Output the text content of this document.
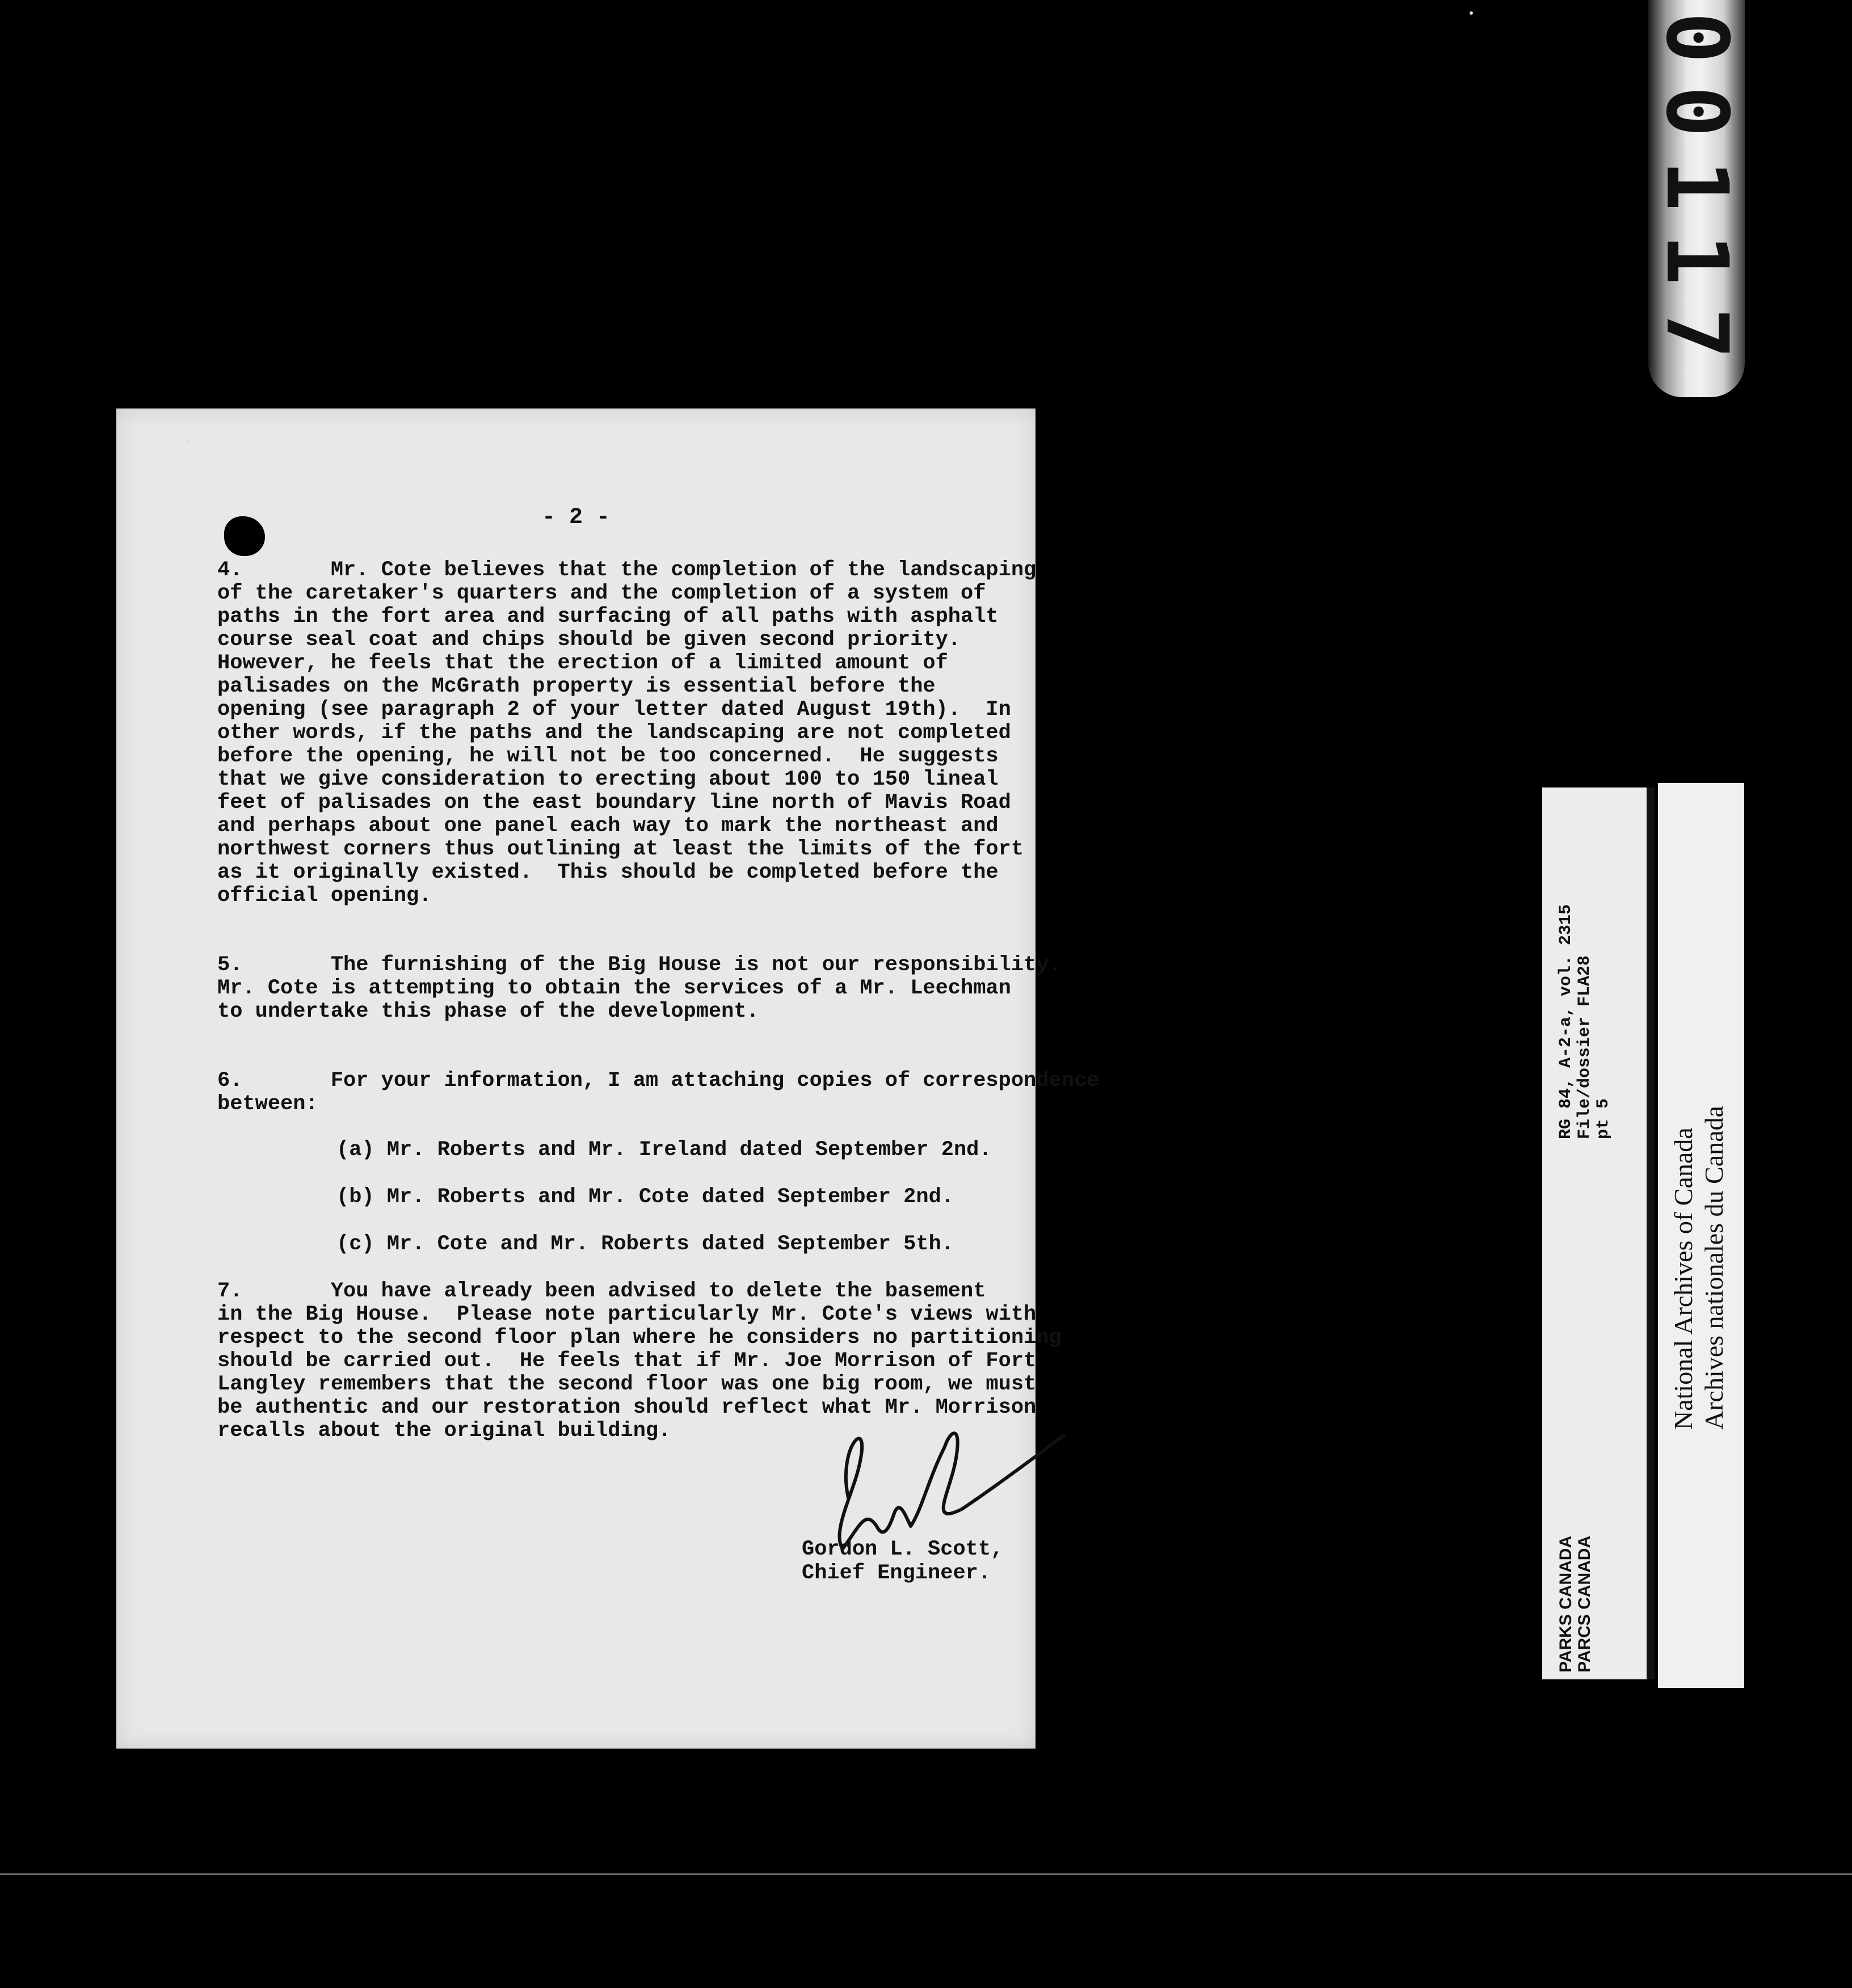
00117
- 2 -
4.       Mr. Cote believes that the completion of the landscaping
of the caretaker's quarters and the completion of a system of
paths in the fort area and surfacing of all paths with asphalt
course seal coat and chips should be given second priority.
However, he feels that the erection of a limited amount of
palisades on the McGrath property is essential before the
opening (see paragraph 2 of your letter dated August 19th).  In
other words, if the paths and the landscaping are not completed
before the opening, he will not be too concerned.  He suggests
that we give consideration to erecting about 100 to 150 lineal
feet of palisades on the east boundary line north of Mavis Road
and perhaps about one panel each way to mark the northeast and
northwest corners thus outlining at least the limits of the fort
as it originally existed.  This should be completed before the
official opening.
5.       The furnishing of the Big House is not our responsibility.
Mr. Cote is attempting to obtain the services of a Mr. Leechman
to undertake this phase of the development.
6.       For your information, I am attaching copies of correspondence
between:
(a) Mr. Roberts and Mr. Ireland dated September 2nd.
(b) Mr. Roberts and Mr. Cote dated September 2nd.
(c) Mr. Cote and Mr. Roberts dated September 5th.
7.       You have already been advised to delete the basement
in the Big House.  Please note particularly Mr. Cote's views with
respect to the second floor plan where he considers no partitioning
should be carried out.  He feels that if Mr. Joe Morrison of Fort
Langley remembers that the second floor was one big room, we must
be authentic and our restoration should reflect what Mr. Morrison
recalls about the original building.
Gordon L. Scott,
Chief Engineer.	PARKS CANADA PARCS CANADA
RG 84, A-2-a, vol. 2315 File/dossier FLA28 pt 5
National Archives of Canada Archives nationales du Canada
